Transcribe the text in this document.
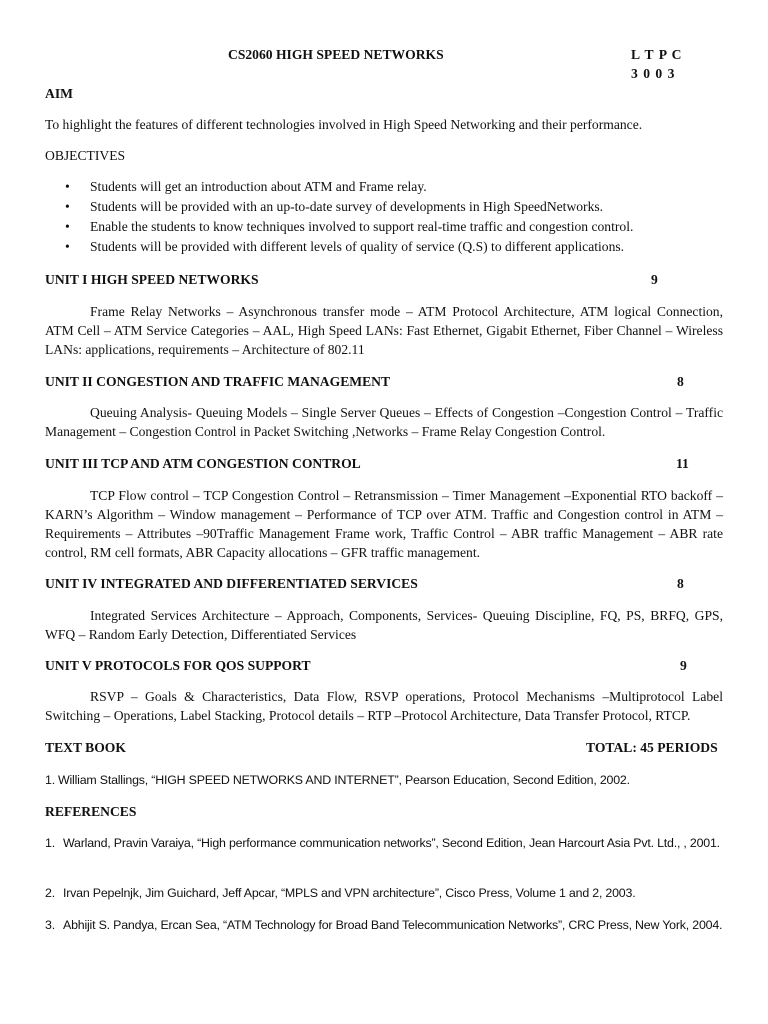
CS2060 HIGH SPEED NETWORKS	L T P C
3 0 0 3
AIM
To highlight the features of different technologies involved in High Speed Networking and their performance.
OBJECTIVES
• Students will get an introduction about ATM and Frame relay.
• Students will be provided with an up-to-date survey of developments in High SpeedNetworks.
• Enable the students to know techniques involved to support real-time traffic and congestion control.
• Students will be provided with different levels of quality of service (Q.S) to different applications.
UNIT I HIGH SPEED NETWORKS	9
Frame Relay Networks – Asynchronous transfer mode – ATM Protocol Architecture, ATM logical Connection, ATM Cell – ATM Service Categories – AAL, High Speed LANs: Fast Ethernet, Gigabit Ethernet, Fiber Channel – Wireless LANs: applications, requirements – Architecture of 802.11
UNIT II CONGESTION AND TRAFFIC MANAGEMENT	8
Queuing Analysis- Queuing Models – Single Server Queues – Effects of Congestion –Congestion Control – Traffic Management – Congestion Control in Packet Switching ,Networks – Frame Relay Congestion Control.
UNIT III TCP AND ATM CONGESTION CONTROL	11
TCP Flow control – TCP Congestion Control – Retransmission – Timer Management –Exponential RTO backoff – KARN’s Algorithm – Window management – Performance of TCP over ATM. Traffic and Congestion control in ATM – Requirements – Attributes –90Traffic Management Frame work, Traffic Control – ABR traffic Management – ABR rate control, RM cell formats, ABR Capacity allocations – GFR traffic management.
UNIT IV INTEGRATED AND DIFFERENTIATED SERVICES	8
Integrated Services Architecture – Approach, Components, Services- Queuing Discipline, FQ, PS, BRFQ, GPS, WFQ – Random Early Detection, Differentiated Services
UNIT V PROTOCOLS FOR QOS SUPPORT	9
RSVP – Goals & Characteristics, Data Flow, RSVP operations, Protocol Mechanisms –Multiprotocol Label Switching – Operations, Label Stacking, Protocol details – RTP –Protocol Architecture, Data Transfer Protocol, RTCP.
TEXT BOOK	TOTAL: 45 PERIODS
1. William Stallings, “HIGH SPEED NETWORKS AND INTERNET”, Pearson Education, Second Edition, 2002.
REFERENCES
1. Warland, Pravin Varaiya, “High performance communication networks”, Second Edition, Jean Harcourt Asia Pvt. Ltd., , 2001.
2. Irvan Pepelnjk, Jim Guichard, Jeff Apcar, “MPLS and VPN architecture”, Cisco Press, Volume 1 and 2, 2003.
3. Abhijit S. Pandya, Ercan Sea, “ATM Technology for Broad Band Telecommunication Networks”, CRC Press, New York, 2004.
